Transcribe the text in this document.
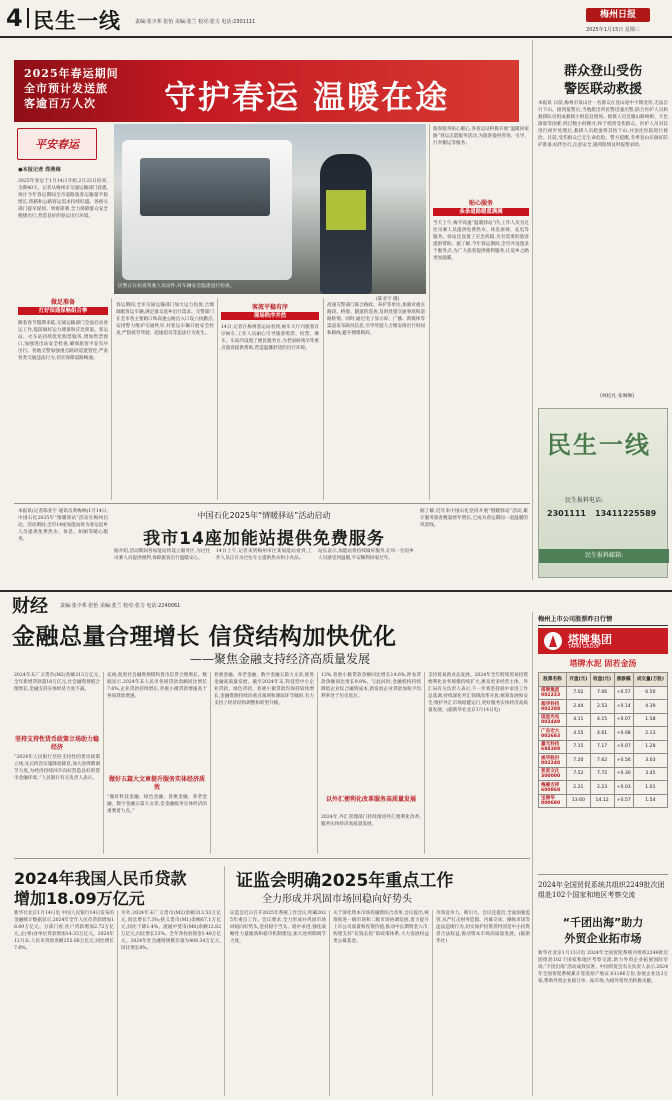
4 民生一线	责编:张少邦 张怡 美编:张兰 校对:张力 电话:2301111
梅州日报
2025年1月15日 星期三
2025年春运期间
全市预计发送旅
客逾百万人次	守护春运 温暖在途
民警正在检查驾驶人员证件,对车辆安全隐患进行检查。
(陈亚宇 摄)
平安春运
●本报记者 郑燕梅
2025年春运于1月14日开始,2月22日结束,为期40天。记者从梅州市交通运输部门获悉,预计今年春运期间全市道路旅客运输量平稳增长,铁路和公路客运需求持续旺盛。各相关部门提早谋划、周密部署,全力保障群众安全便捷出行,营造良好的春运出行环境。
做足准备
打好保通保畅组合拳
随着春节假期来临,交通运输部门全面启动春运工作,提前做好运力储备和应急预案。客运站、火车站持续优化购票服务,增加售票窗口,加强进出站安全检查,确保旅客平安有序出行。各地交警加强重点路段巡逻管控,严查各类交通违法行为,切实保障道路畅通。
春运期间,全市交通运输部门加大运力投放,合理调配客运车辆,满足群众返乡出行需求。交警部门在全市各主要路口和高速公路出入口设立执勤点,安排警力维护交通秩序,对客运车辆开展安全检查,严防疲劳驾驶、超速超员等违法行为发生。
客流平稳有序
现场秩序井然
14日,记者在梅州客运站看到,候车大厅内旅客有序候车,工作人员耐心引导旅客购票、检票、乘车。车站内设置了便民服务台,为老弱病残孕等重点旅客提供帮助,营造温馨舒适的出行环境。
高速交警部门联合路政、养护等单位,加强对重点路段、桥梁、隧道的巡查,及时处置交通事故和道路险情。同时,通过电子显示屏、广播、新媒体等渠道发布路况信息,引导驾驶人合理安排出行时间和路线,避开拥堵路段。
旅客服务贴心暖心,各客运站积极开展“温暖回家路”春运志愿服务活动,为旅客提供咨询、引导、行李搬运等服务。
贴心服务
条条道路暖意满满
当天上午,梅平高速“温暖驿站”内,工作人员为过往司乘人员提供免费热水、休息座椅、充电等服务。驿站还设置了应急药箱,为有需要的旅客提供帮助。据了解,今年春运期间,全市共设置多个服务点,为广大旅客提供便利服务,让返乡之路更加温暖。
群众登山受伤
警医联动救援
本报讯 日前,梅州市某山区一名群众在登山途中不慎受伤,无法自行下山。接到报警后,当地派出所民警迅速出警,联合医护人员和救援队员组成救援小组赶赴现场。救援人员克服山路崎岖、天色渐暗等困难,经过数小时搜寻,终于找到受伤群众。医护人员对其进行初步处理后,救援人员轮流将其抬下山,并送往医院进行救治。目前,受伤群众已无生命危险。警方提醒,冬季登山应做好防护准备,结伴出行,注意安全,遇到险情及时报警求助。
(林松礼 张琳琳)
民生一线
民生报料电话:
2301111 13411225589
民生报料邮箱:
本报讯(记者陈亚宇 通讯员黄梅林)1月14日,中国石化2025年“情暖驿站”活动在梅州启动。活动期间,全市14座加能站将为春运返乡人员提供免费热水、休息、如厕等暖心服务。
中国石化2025年“情暖驿站”活动启动
我市14座加能站提供免费服务
据介绍,活动期间各加能站将设立服务区,为过往司乘人员提供便利,保障旅客出行温暖安心。
14日上午,记者来到梅州市区某加能站看到,工作人员正在为过往车主提供热水和小食品。
站长表示,加能站将持续做好服务,让每一位返乡人员感受到温暖,平安顺利回家过年。
据了解,近年来中国石化坚持开展“情暖驿站”活动,累计服务旅客数量逐年增长,已成为春运期间一道温暖的风景线。
财经 责编:张少邦 张怡 美编:张兰 校对:张力 电话:2240061
金融总量合理增长 信贷结构加快优化
——聚焦金融支持经济高质量发展
2024年末广义货币(M2)余额313万亿元,全年新增贷款超18万亿元,社会融资规模合理增长,金融支持实体经济力度不减。
坚持支持性货币政策立场助力稳经济
“2024年人民银行坚持支持性的货币政策立场,先后四次实施降准降息,加大逆周期调节力度,为经济持续回升向好营造良好的货币金融环境。”人民银行有关负责人表示。
充裕,促进社会融资规模和货币信贷合理增长。数据显示,2024年末人民币各项贷款余额同比增长7.6%,企业贷款持续增长,普惠小微贷款增速高于各项贷款增速。
做好五篇大文章提升服务实体经济质效
“做好科技金融、绿色金融、普惠金融、养老金融、数字金融五篇大文章,是金融服务实体经济的重要着力点。”
普惠金融、养老金融、数字金融五篇大文章,推进金融高质量发展。截至2024年末,科技型中小企业贷款、绿色贷款、普惠小微贷款均保持较快增长,金融资源持续向重点领域和薄弱环节倾斜,有力支持了经济结构调整和转型升级。
13%,普惠小微贷款余额同比增长14.6%,涉农贷款余额同比增长9.8%。与此同时,金融机构持续降低企业综合融资成本,新发放企业贷款加权平均利率处于历史低位。
以外汇便利化改革服务高质量发展
2024年,外汇管理部门持续推进外汇便利化改革,服务实体经济高质量发展。
支持贸易新业态发展。2024年全年跨境贸易投资便利化业务规模持续扩大,惠及更多经营主体。外汇局有关负责人表示,下一步将坚持稳中求进工作总基调,持续深化外汇领域改革开放,统筹发展和安全,维护外汇市场稳健运行,更好服务实体经济高质量发展。(据新华社北京1月14日电)
2024年我国人民币贷款
增加18.09万亿元
新华社北京1月14日电 中国人民银行14日发布的金融统计数据显示,2024年全年人民币贷款增加18.09万亿元。分部门看,住户贷款增加2.72万亿元,企(事)业单位贷款增加14.33万亿元。2024年12月末,人民币贷款余额255.68万亿元,同比增长7.6%。
另外,2024年末广义货币(M2)余额313.53万亿元,同比增长7.3%;狭义货币(M1)余额67.1万亿元,同比下降1.4%。流通中货币(M0)余额12.82万亿元,同比增长13%。全年净投放现金1.48万亿元。2024年社会融资规模存量为408.34万亿元,同比增长8%。
证监会明确2025年重点工作
全力形成并巩固市场回稳向好势头
证监会近日召开2025年系统工作会议,明确2025年重点工作。会议要求,全力形成并巩固市场回稳向好势头,坚持稳字当头、稳中求进,强化战略性力量储备和稳市机制建设,加大逆周期调节力度。
关于深化资本市场投融资综合改革,会议提出,统筹推进一级市场和二级市场协调发展,着力提升上市公司质量和投资价值,推动中长期资金入市,构建支持“长钱长投”的政策体系,大力发展权益类公募基金。
市场竞争力、吸引力。会议还提出,全面加强监管,从严打击财务造假、内幕交易、操纵市场等违法违规行为,切实保护投资者特别是中小投资者合法权益,推动资本市场高质量发展。(据新华社)
梅州上市公司股票昨日行情
塔牌集团
TAPAI GROUP
塔牌水泥 固若金汤
股票名称	开盘(元)	收盘(元)	涨跌幅	成交量(万股)
塔牌集团
002233	7.02	7.06	+0.57	6.50
超华科技
002288	2.44	2.53	+0.14	4.39
国星光电
002449	4.11	4.15	+0.07	1.58
广东宏大
002683	4.55	4.61	+0.08	2.13
嘉元科技
688388	7.15	7.17	+0.07	1.28
威华股份
002240	7.20	7.62	+0.56	3.03
客家文化
300000	7.52	7.72	+0.30	3.45
梅雁吉祥
600868	2.21	2.23	+0.03	1.01
宝丽华
000690	13.60	14.12	+0.57	1.54
2024年全国贸促系统共组织2249批次团组赴102个国家和地区考察交流
“千团出海”助力
外贸企业拓市场
新华社北京1月13日电 2024年全国贸促系统共组织2249批次团组赴102个国家和地区考察交流,助力外贸企业拓展国际市场,“千团出海”活动成效显著。中国贸促会有关负责人表示,2024年全国贸促系统累计签发原产地证书1166万份,参展企业达3万家,帮助外贸企业稳订单、拓市场,为稳外贸作出积极贡献。
